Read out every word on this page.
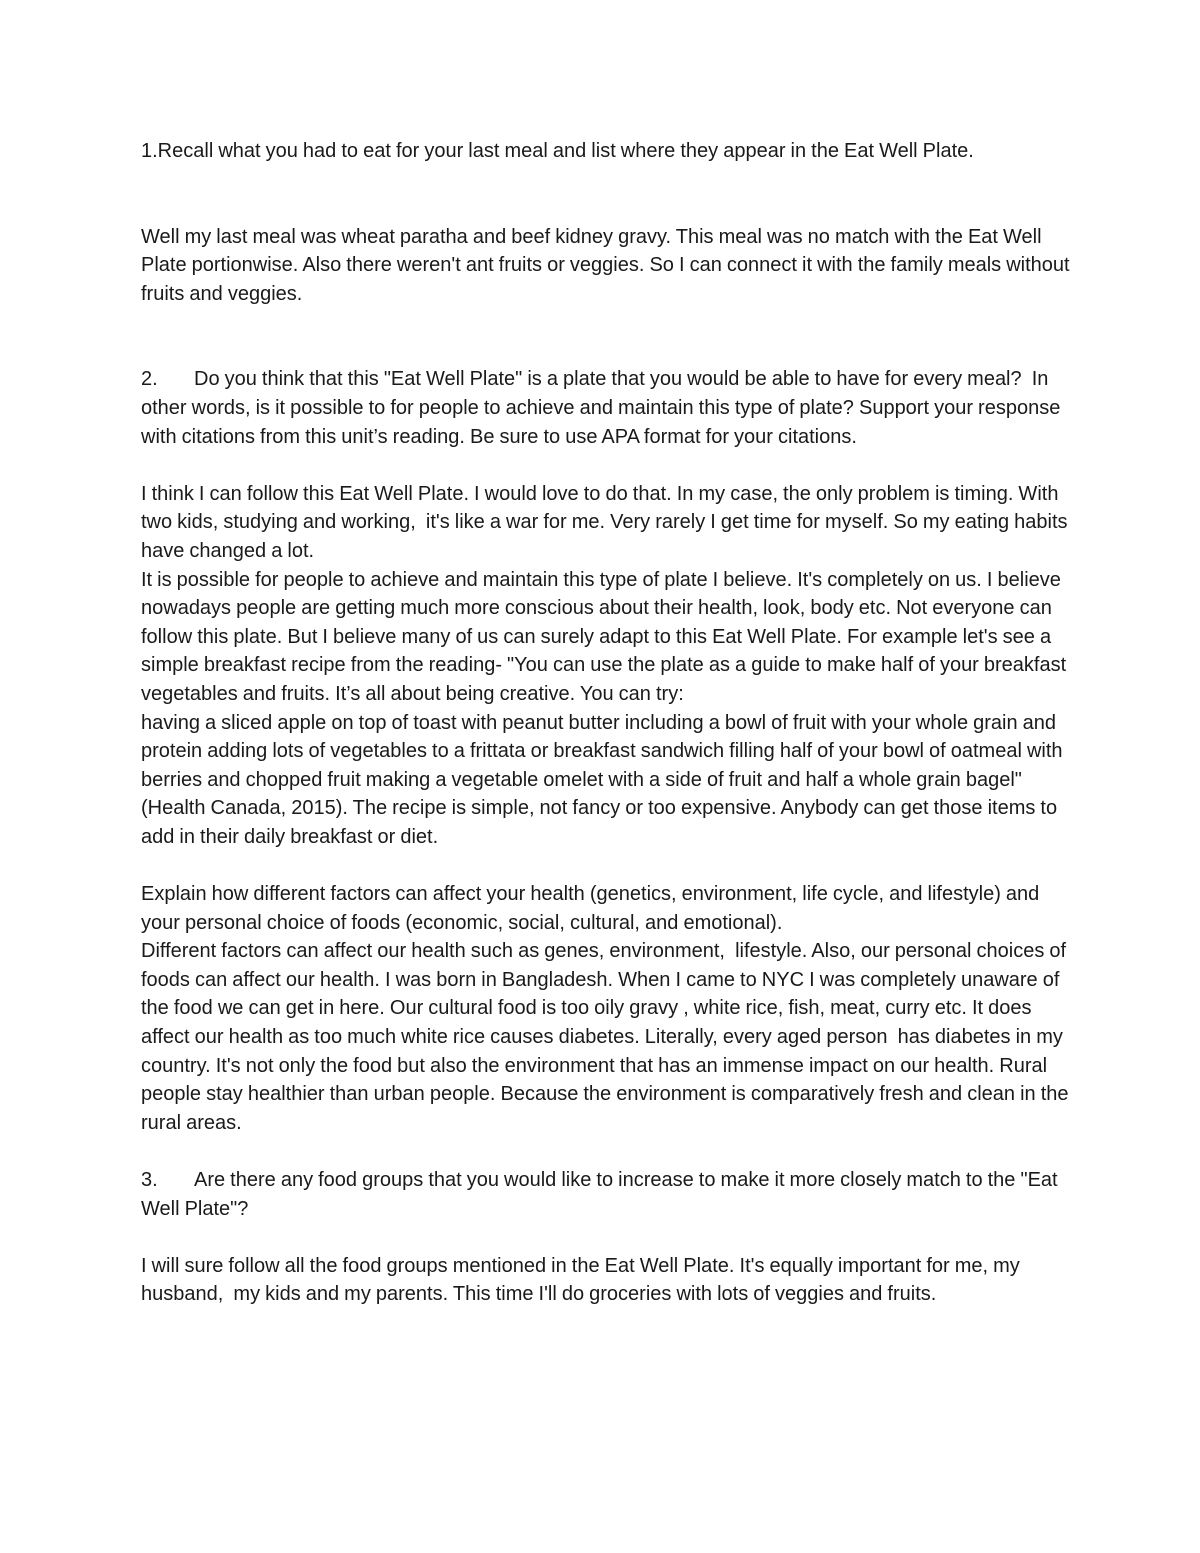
1.Recall what you had to eat for your last meal and list where they appear in the Eat Well Plate.

Well my last meal was wheat paratha and beef kidney gravy. This meal was no match with the Eat Well Plate portionwise. Also there weren't ant fruits or veggies. So I can connect it with the family meals without fruits and veggies.

2. Do you think that this "Eat Well Plate" is a plate that you would be able to have for every meal?  In other words, is it possible to for people to achieve and maintain this type of plate? Support your response with citations from this unit’s reading. Be sure to use APA format for your citations.

I think I can follow this Eat Well Plate. I would love to do that. In my case, the only problem is timing. With two kids, studying and working,  it's like a war for me. Very rarely I get time for myself. So my eating habits have changed a lot.

It is possible for people to achieve and maintain this type of plate I believe. It's completely on us. I believe nowadays people are getting much more conscious about their health, look, body etc. Not everyone can follow this plate. But I believe many of us can surely adapt to this Eat Well Plate. For example let's see a simple breakfast recipe from the reading- "You can use the plate as a guide to make half of your breakfast vegetables and fruits. It’s all about being creative. You can try:

having a sliced apple on top of toast with peanut butter including a bowl of fruit with your whole grain and protein adding lots of vegetables to a frittata or breakfast sandwich filling half of your bowl of oatmeal with berries and chopped fruit making a vegetable omelet with a side of fruit and half a whole grain bagel" (Health Canada, 2015). The recipe is simple, not fancy or too expensive. Anybody can get those items to add in their daily breakfast or diet.

Explain how different factors can affect your health (genetics, environment, life cycle, and lifestyle) and your personal choice of foods (economic, social, cultural, and emotional).

Different factors can affect our health such as genes, environment,  lifestyle. Also, our personal choices of foods can affect our health. I was born in Bangladesh. When I came to NYC I was completely unaware of the food we can get in here. Our cultural food is too oily gravy , white rice, fish, meat, curry etc. It does affect our health as too much white rice causes diabetes. Literally, every aged person  has diabetes in my country. It's not only the food but also the environment that has an immense impact on our health. Rural people stay healthier than urban people. Because the environment is comparatively fresh and clean in the rural areas.

3. Are there any food groups that you would like to increase to make it more closely match to the "Eat Well Plate"?

I will sure follow all the food groups mentioned in the Eat Well Plate. It's equally important for me, my husband,  my kids and my parents. This time I'll do groceries with lots of veggies and fruits.
